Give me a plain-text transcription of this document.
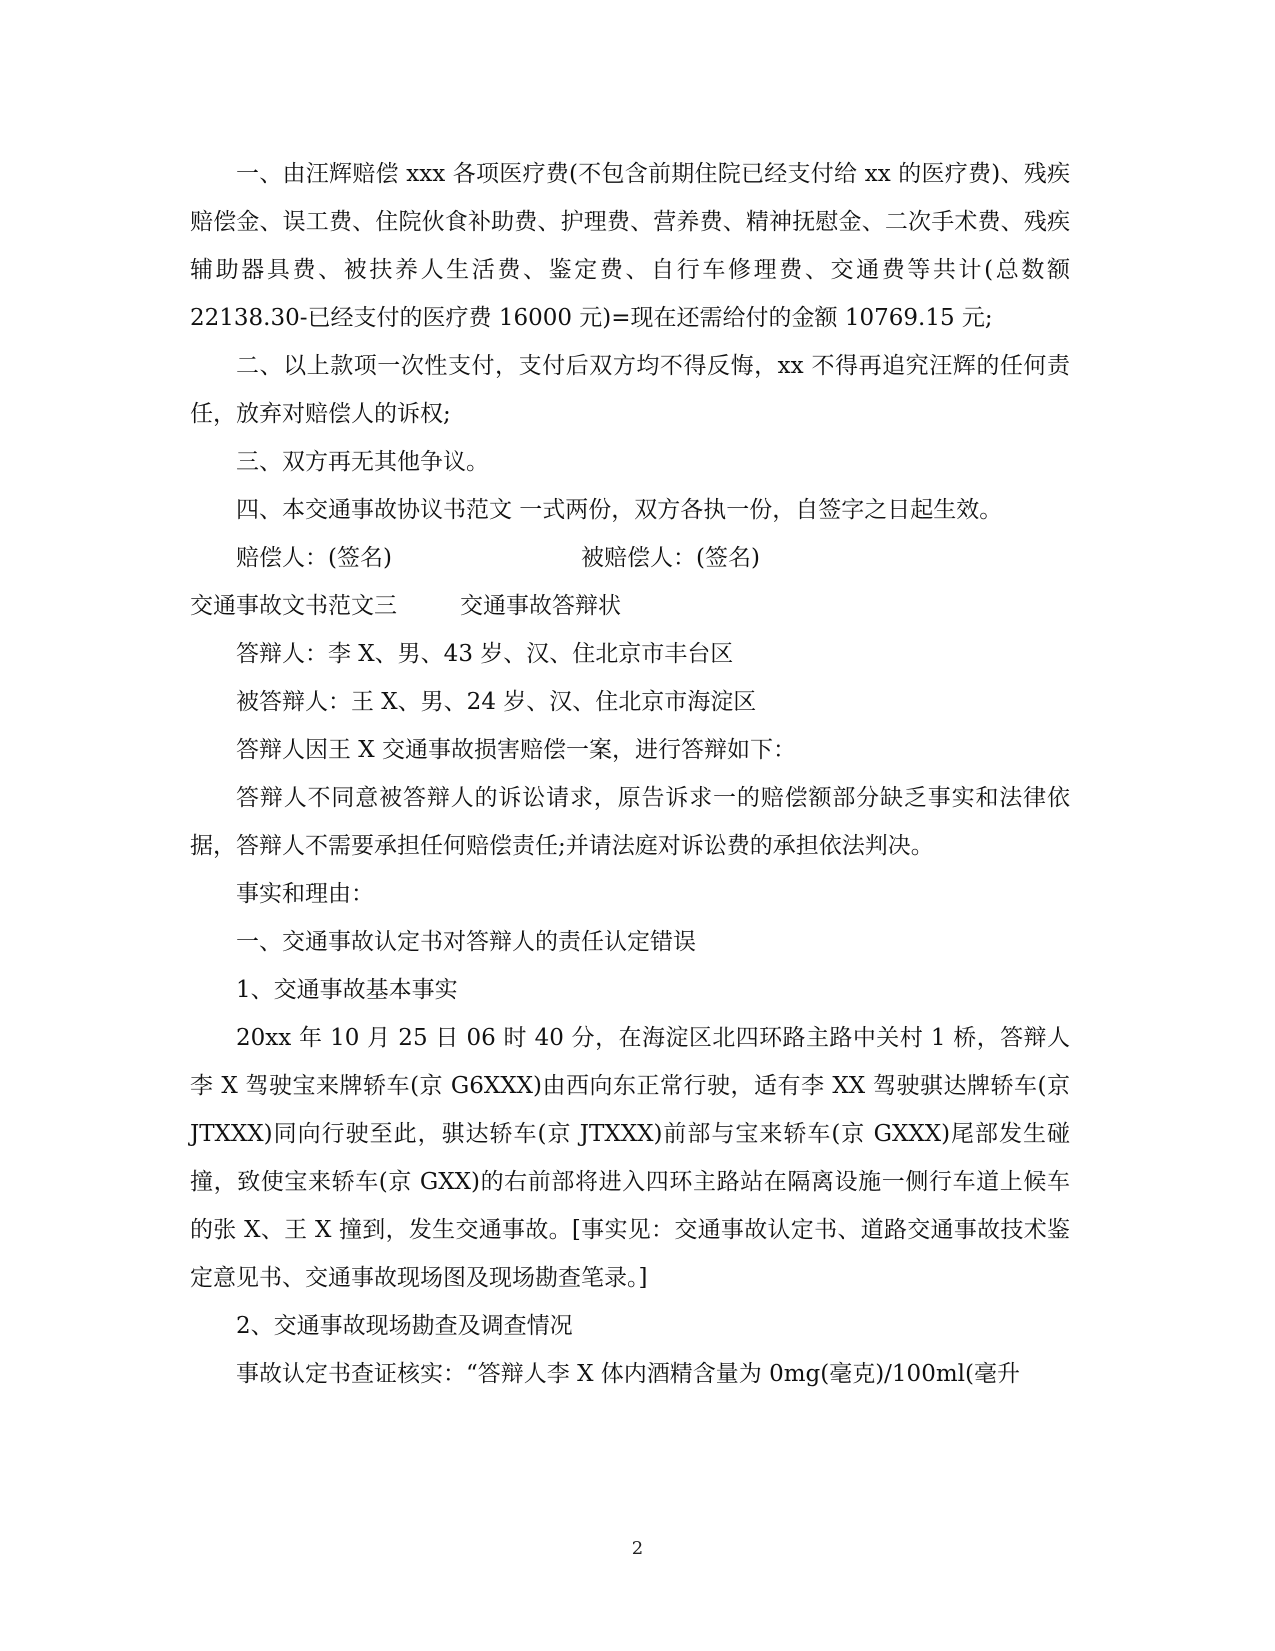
一、由汪辉赔偿 xxx 各项医疗费(不包含前期住院已经支付给 xx 的医疗费)、残疾赔偿金、误工费、住院伙食补助费、护理费、营养费、精神抚慰金、二次手术费、残疾辅助器具费、被扶养人生活费、鉴定费、自行车修理费、交通费等共计(总数额 22138.30-已经支付的医疗费 16000 元)=现在还需给付的金额 10769.15 元;

二、以上款项一次性支付，支付后双方均不得反悔，xx 不得再追究汪辉的任何责任，放弃对赔偿人的诉权;

三、双方再无其他争议。

四、本交通事故协议书范文 一式两份，双方各执一份，自签字之日起生效。

赔偿人：(签名)	被赔偿人：(签名)
交通事故文书范文三	交通事故答辩状

答辩人：李 X、男、43 岁、汉、住北京市丰台区

被答辩人：王 X、男、24 岁、汉、住北京市海淀区

答辩人因王 X 交通事故损害赔偿一案，进行答辩如下：

答辩人不同意被答辩人的诉讼请求，原告诉求一的赔偿额部分缺乏事实和法律依据，答辩人不需要承担任何赔偿责任;并请法庭对诉讼费的承担依法判决。

事实和理由：

一、交通事故认定书对答辩人的责任认定错误

1、交通事故基本事实

20xx 年 10 月 25 日 06 时 40 分，在海淀区北四环路主路中关村 1 桥，答辩人李 X 驾驶宝来牌轿车(京 G6XXX)由西向东正常行驶，适有李 XX 驾驶骐达牌轿车(京 JTXXX)同向行驶至此，骐达轿车(京 JTXXX)前部与宝来轿车(京 GXXX)尾部发生碰撞，致使宝来轿车(京 GXX)的右前部将进入四环主路站在隔离设施一侧行车道上候车的张 X、王 X 撞到，发生交通事故。[事实见：交通事故认定书、道路交通事故技术鉴定意见书、交通事故现场图及现场勘查笔录。]

2、交通事故现场勘查及调查情况

事故认定书查证核实：“答辩人李 X 体内酒精含量为 0mg(毫克)/100ml(毫升

2
